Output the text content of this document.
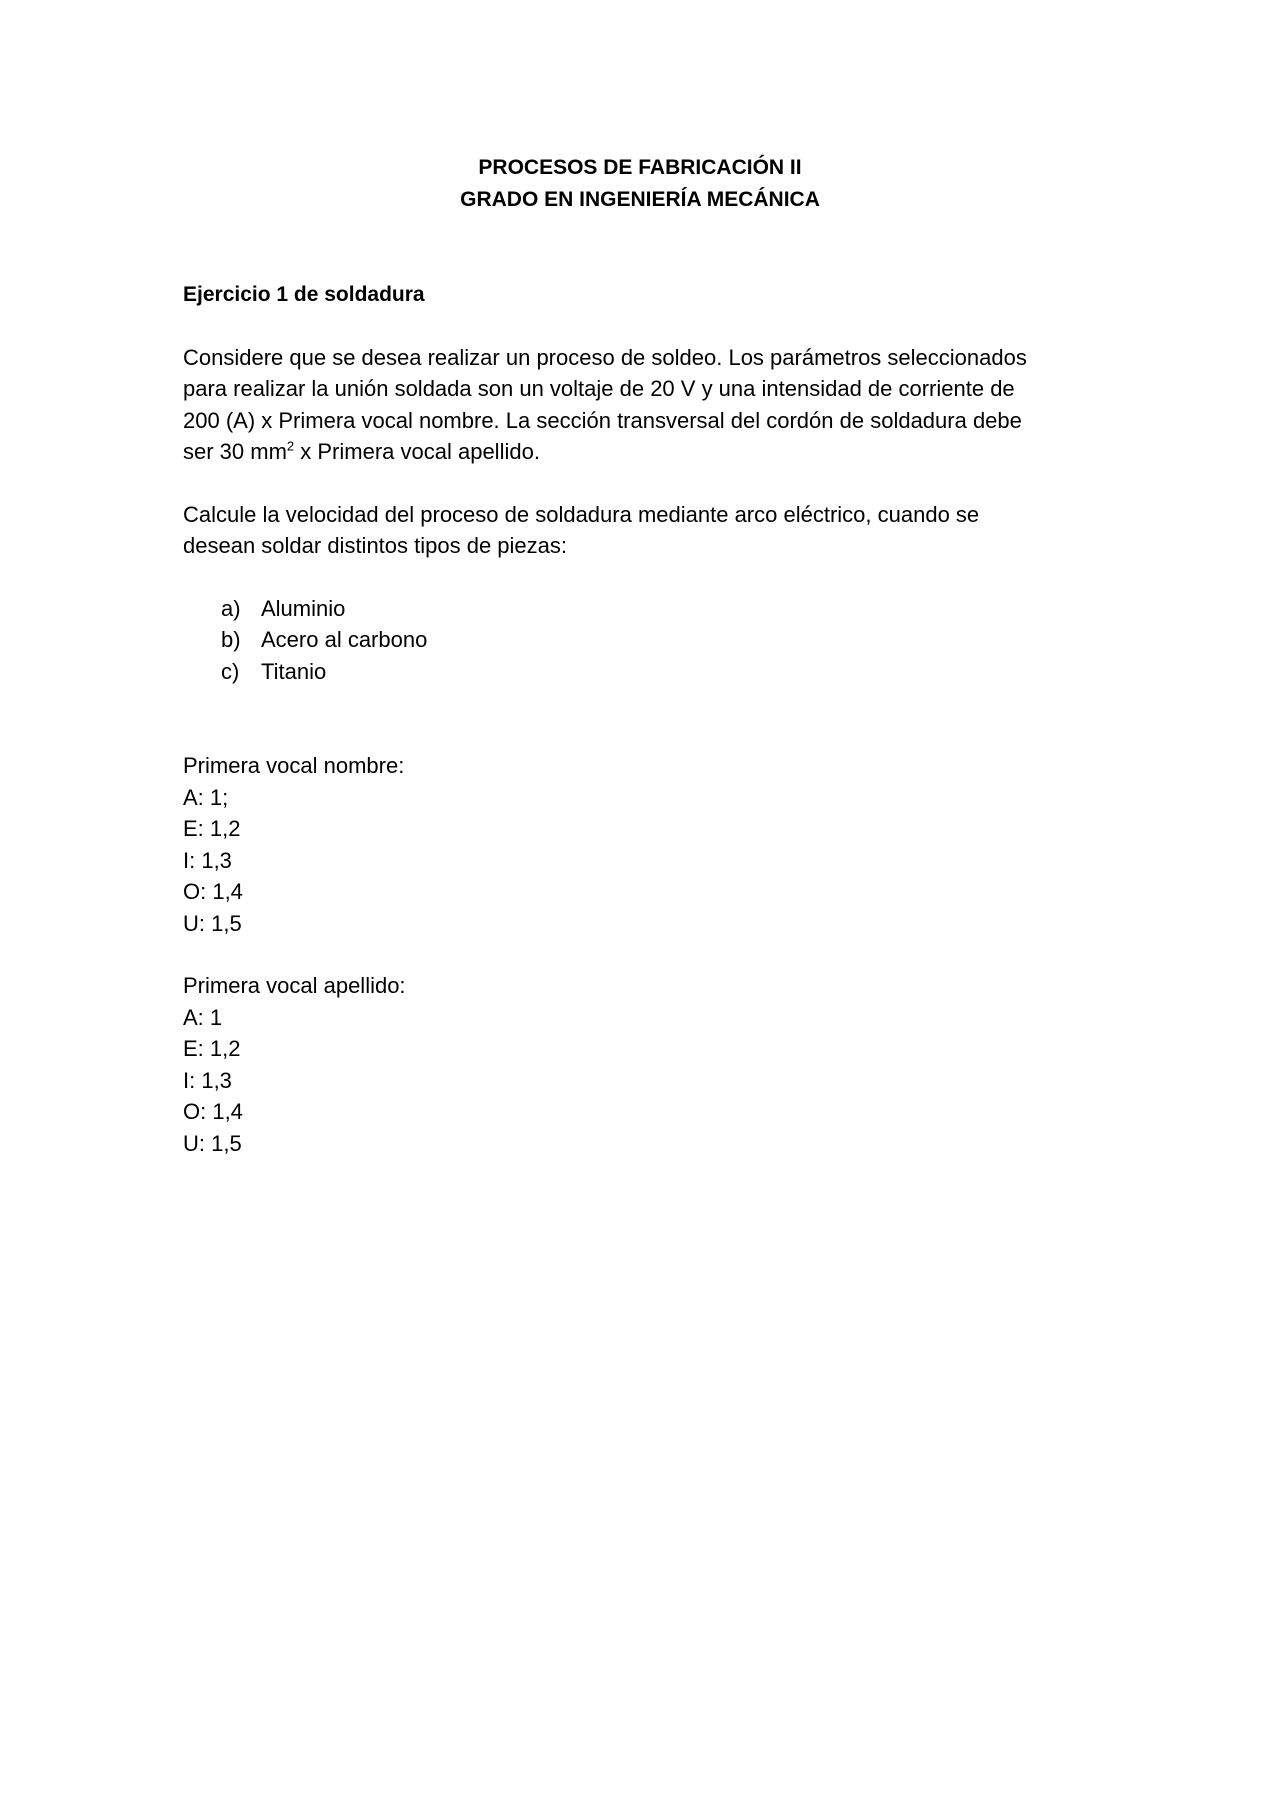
PROCESOS DE FABRICACIÓN II
GRADO EN INGENIERÍA MECÁNICA
Ejercicio 1 de soldadura

Considere que se desea realizar un proceso de soldeo. Los parámetros seleccionados

para realizar la unión soldada son un voltaje de 20 V y una intensidad de corriente de

200 (A) x Primera vocal nombre. La sección transversal del cordón de soldadura debe

ser 30 $mm^2$ x Primera vocal apellido.

Calcule la velocidad del proceso de soldadura mediante arco eléctrico, cuando se

desean soldar distintos tipos de piezas:

a) Aluminio
b) Acero al carbono
c) Titanio

Primera vocal nombre:

A: 1;

E: 1,2

I: 1,3

O: 1,4

U: 1,5

Primera vocal apellido:

A: 1

E: 1,2

I: 1,3

O: 1,4

U: 1,5
